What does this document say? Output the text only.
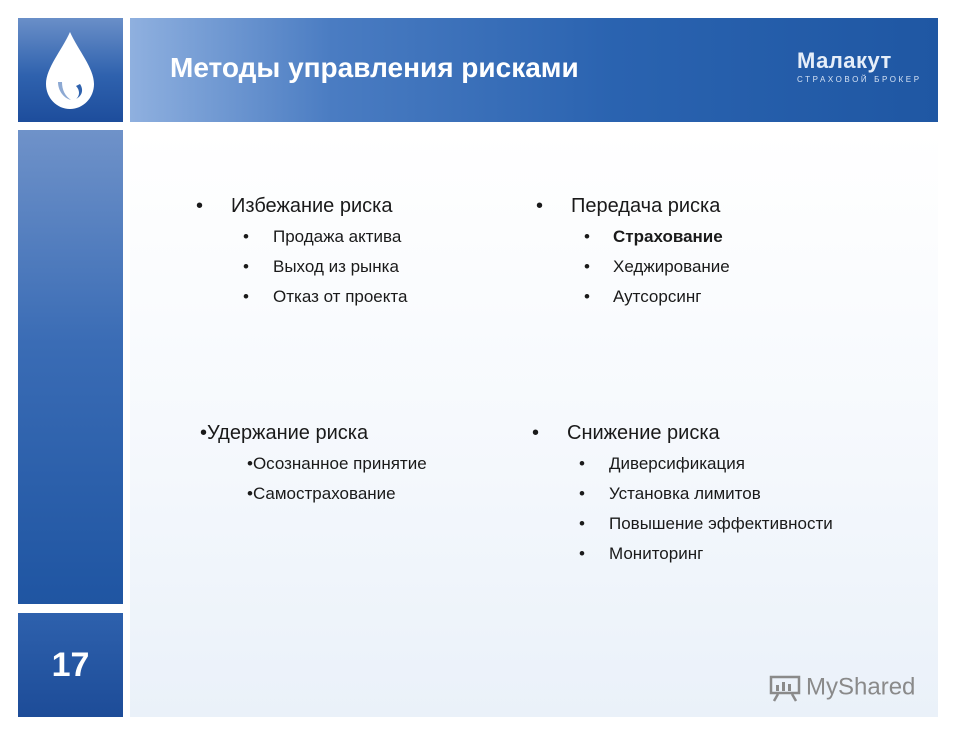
Методы управления рисками	Малакут
СТРАХОВОЙ БРОКЕР
17
• Избежание риска
• Продажа актива
• Выход из рынка
• Отказ от проекта
• Передача риска
• Страхование
• Хеджирование
• Аутсорсинг
•Удержание риска
•Осознанное принятие
•Самострахование
• Снижение риска
• Диверсификация
• Установка лимитов
• Повышение эффективности
• Мониторинг
MyShared
